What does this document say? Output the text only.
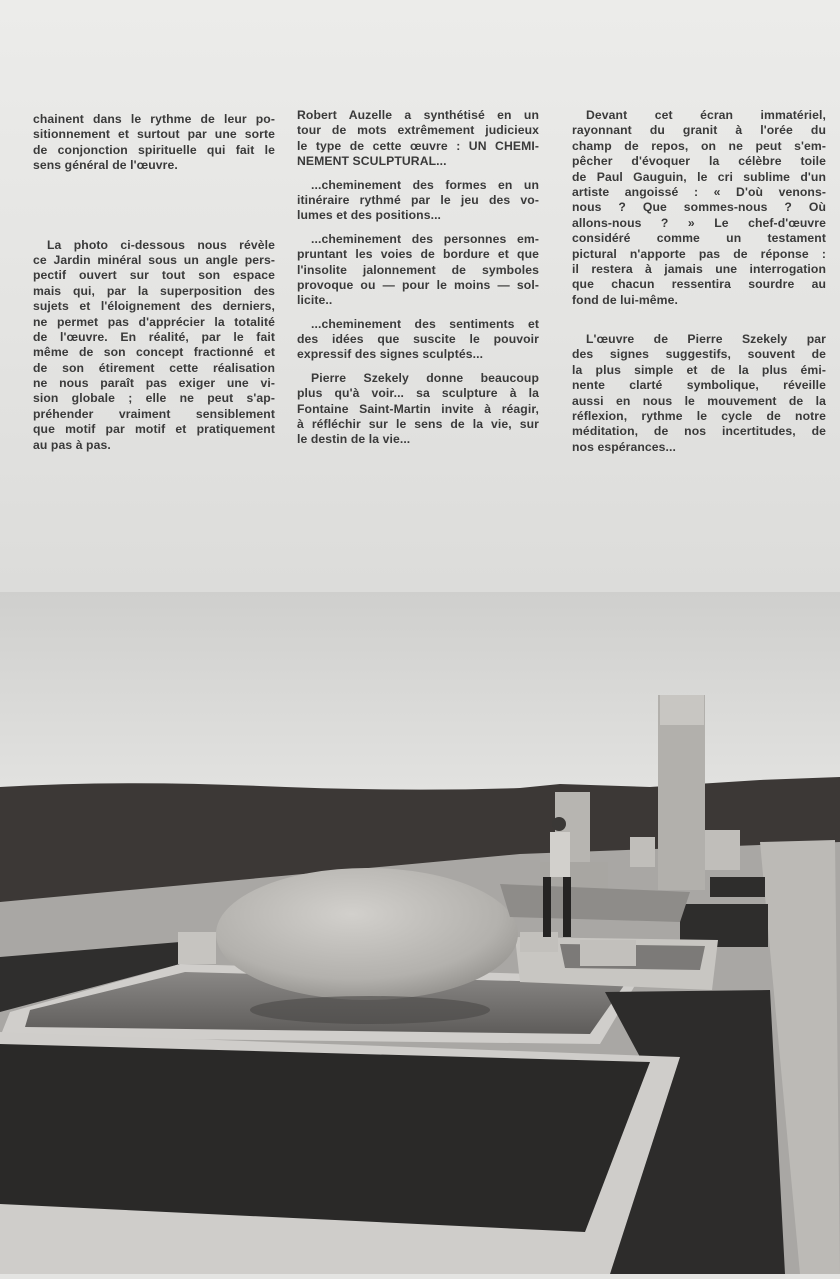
chainent dans le rythme de leur po-
sitionnement et surtout par une sorte
de conjonction spirituelle qui fait le
sens général de l'œuvre.
La photo ci-dessous nous révèle
ce Jardin minéral sous un angle pers-
pectif ouvert sur tout son espace
mais qui, par la superposition des
sujets et l'éloignement des derniers,
ne permet pas d'apprécier la totalité
de l'œuvre. En réalité, par le fait
même de son concept fractionné et
de son étirement cette réalisation
ne nous paraît pas exiger une vi-
sion globale ; elle ne peut s'ap-
préhender vraiment sensiblement
que motif par motif et pratiquement
au pas à pas.
Robert Auzelle a synthétisé en un
tour de mots extrêmement judicieux
le type de cette œuvre : UN CHEMI-
NEMENT SCULPTURAL...
...cheminement des formes en un
itinéraire rythmé par le jeu des vo-
lumes et des positions...
...cheminement des personnes em-
pruntant les voies de bordure et que
l'insolite jalonnement de symboles
provoque ou — pour le moins — sol-
licite..
...cheminement des sentiments et
des idées que suscite le pouvoir
expressif des signes sculptés...
Pierre Szekely donne beaucoup
plus qu'à voir... sa sculpture à la
Fontaine Saint-Martin invite à réagir,
à réfléchir sur le sens de la vie, sur
le destin de la vie...
Devant cet écran immatériel,
rayonnant du granit à l'orée du
champ de repos, on ne peut s'em-
pêcher d'évoquer la célèbre toile
de Paul Gauguin, le cri sublime d'un
artiste angoissé : « D'où venons-
nous ? Que sommes-nous ? Où
allons-nous ? » Le chef-d'œuvre
considéré comme un testament
pictural n'apporte pas de réponse :
il restera à jamais une interrogation
que chacun ressentira sourdre au
fond de lui-même.
L'œuvre de Pierre Szekely par
des signes suggestifs, souvent de
la plus simple et de la plus émi-
nente clarté symbolique, réveille
aussi en nous le mouvement de la
réflexion, rythme le cycle de notre
méditation, de nos incertitudes, de
nos espérances...
